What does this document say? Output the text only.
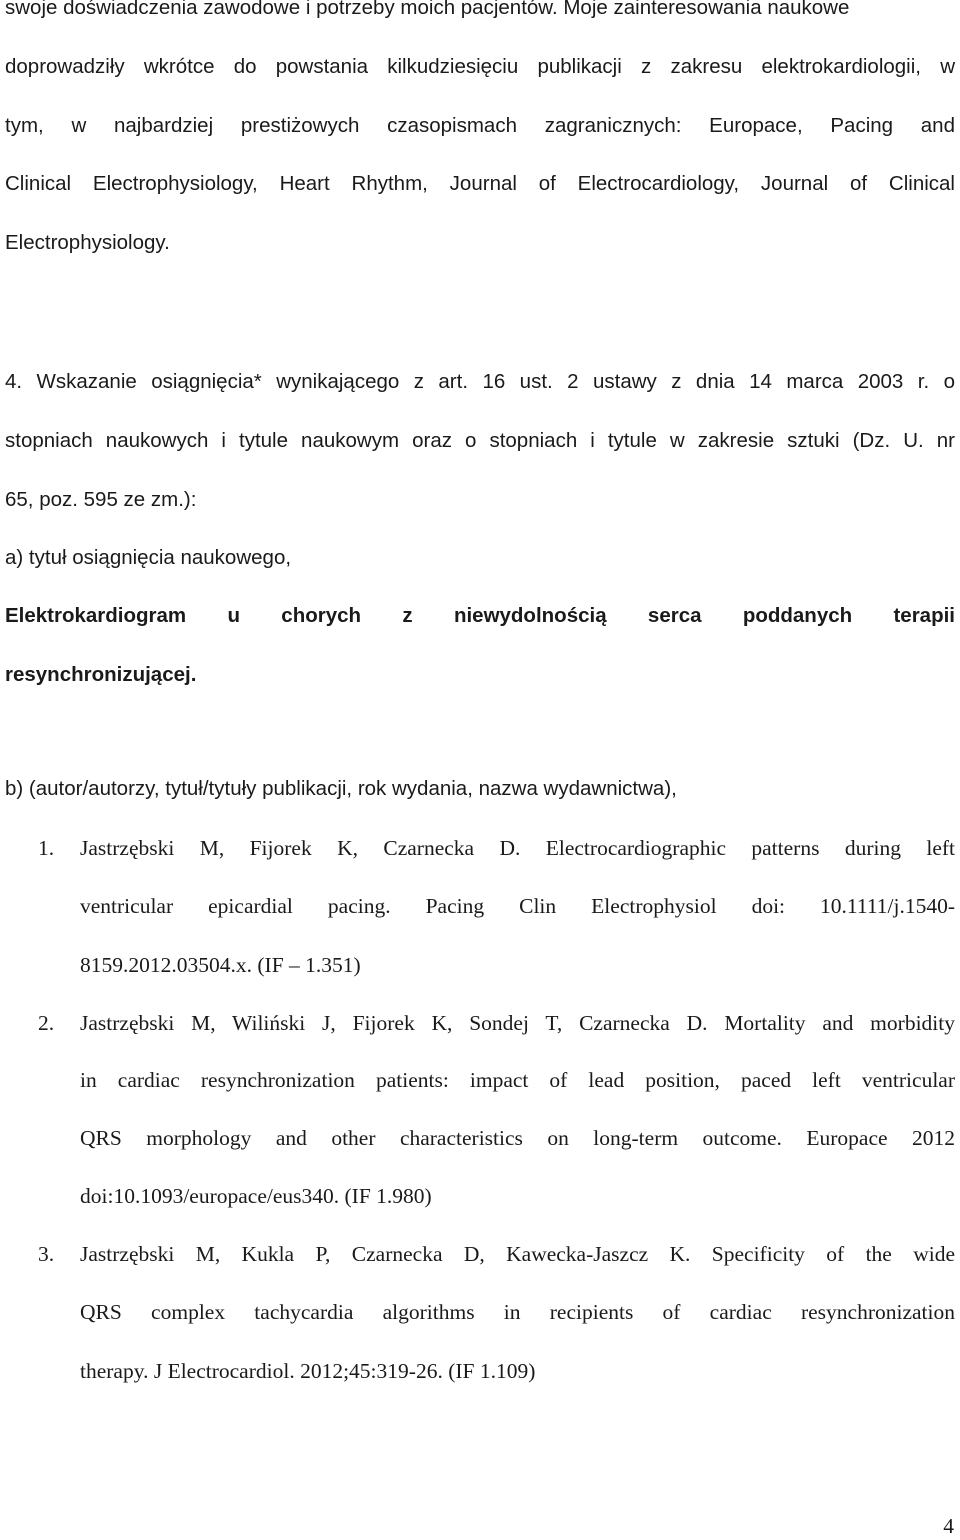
swoje doświadczenia zawodowe i potrzeby moich pacjentów. Moje zainteresowania naukowe

doprowadziły wkrótce do powstania kilkudziesięciu publikacji z zakresu elektrokardiologii, w

tym, w najbardziej prestiżowych czasopismach zagranicznych: Europace, Pacing and

Clinical Electrophysiology, Heart Rhythm, Journal of Electrocardiology, Journal of Clinical

Electrophysiology.

4. Wskazanie osiągnięcia* wynikającego z art. 16 ust. 2 ustawy z dnia 14 marca 2003 r. o

stopniach naukowych i tytule naukowym oraz o stopniach i tytule w zakresie sztuki (Dz. U. nr

65, poz. 595 ze zm.):

a) tytuł osiągnięcia naukowego,

Elektrokardiogram u chorych z niewydolnością serca poddanych terapii

resynchronizującej.

b) (autor/autorzy, tytuł/tytuły publikacji, rok wydania, nazwa wydawnictwa),

1. Jastrzębski M, Fijorek K, Czarnecka D. Electrocardiographic patterns during left

ventricular epicardial pacing. Pacing Clin Electrophysiol doi: 10.1111/j.1540-

8159.2012.03504.x. (IF – 1.351)

2. Jastrzębski M, Wiliński J, Fijorek K, Sondej T, Czarnecka D. Mortality and morbidity

in cardiac resynchronization patients: impact of lead position, paced left ventricular

QRS morphology and other characteristics on long-term outcome. Europace 2012

doi:10.1093/europace/eus340. (IF 1.980)

3. Jastrzębski M, Kukla P, Czarnecka D, Kawecka-Jaszcz K. Specificity of the wide

QRS complex tachycardia algorithms in recipients of cardiac resynchronization

therapy. J Electrocardiol. 2012;45:319-26. (IF 1.109)

4
